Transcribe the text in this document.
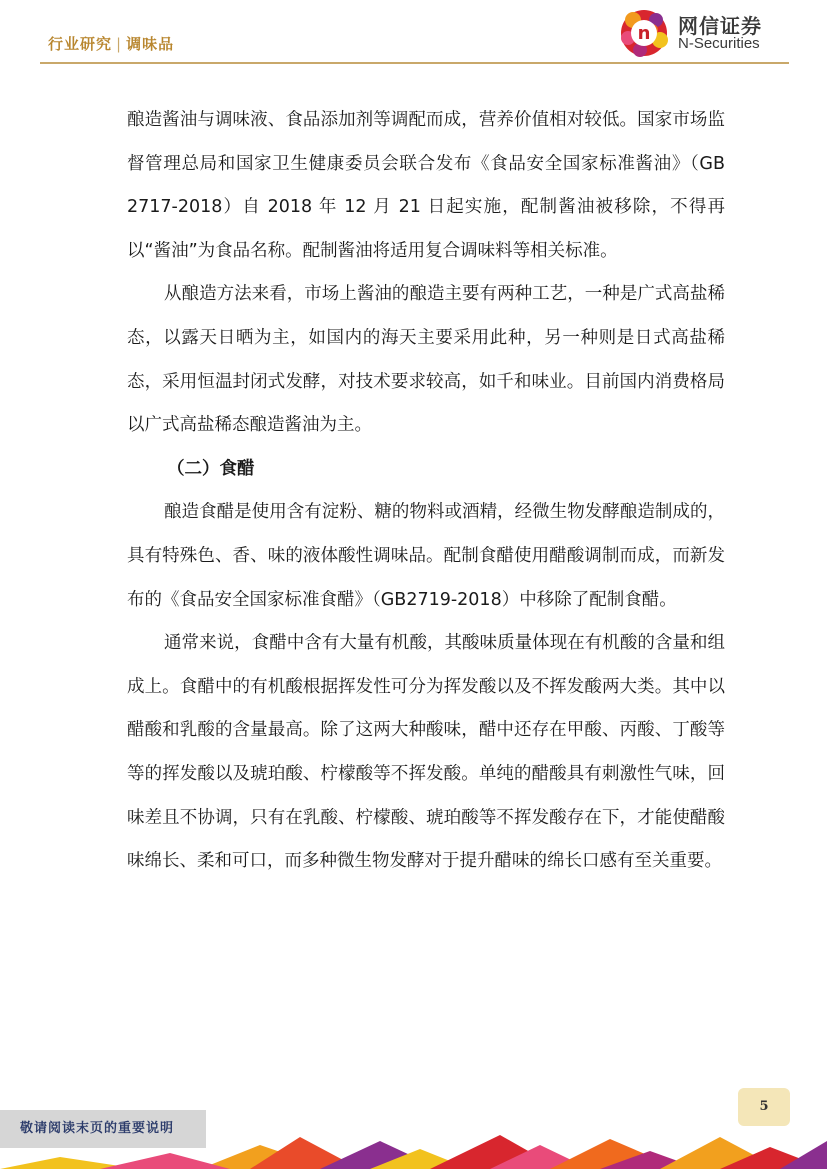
行业研究 | 调味品	n 网信证券
N-Securities

酿造酱油与调味液、食品添加剂等调配而成，营养价值相对较低。国家市场监督管理总局和国家卫生健康委员会联合发布《食品安全国家标准酱油》（GB 2717-2018）自 2018 年 12 月 21 日起实施，配制酱油被移除，不得再以“酱油”为食品名称。配制酱油将适用复合调味料等相关标准。

从酿造方法来看，市场上酱油的酿造主要有两种工艺，一种是广式高盐稀态，以露天日晒为主，如国内的海天主要采用此种，另一种则是日式高盐稀态，采用恒温封闭式发酵，对技术要求较高，如千和味业。目前国内消费格局以广式高盐稀态酿造酱油为主。

（二）食醋

酿造食醋是使用含有淀粉、糖的物料或酒精，经微生物发酵酿造制成的，具有特殊色、香、味的液体酸性调味品。配制食醋使用醋酸调制而成，而新发布的《食品安全国家标准食醋》（GB2719-2018）中移除了配制食醋。

通常来说，食醋中含有大量有机酸，其酸味质量体现在有机酸的含量和组成上。食醋中的有机酸根据挥发性可分为挥发酸以及不挥发酸两大类。其中以醋酸和乳酸的含量最高。除了这两大种酸味，醋中还存在甲酸、丙酸、丁酸等等的挥发酸以及琥珀酸、柠檬酸等不挥发酸。单纯的醋酸具有刺激性气味，回味差且不协调，只有在乳酸、柠檬酸、琥珀酸等不挥发酸存在下，才能使醋酸味绵长、柔和可口，而多种微生物发酵对于提升醋味的绵长口感有至关重要。

5
敬请阅读末页的重要说明
